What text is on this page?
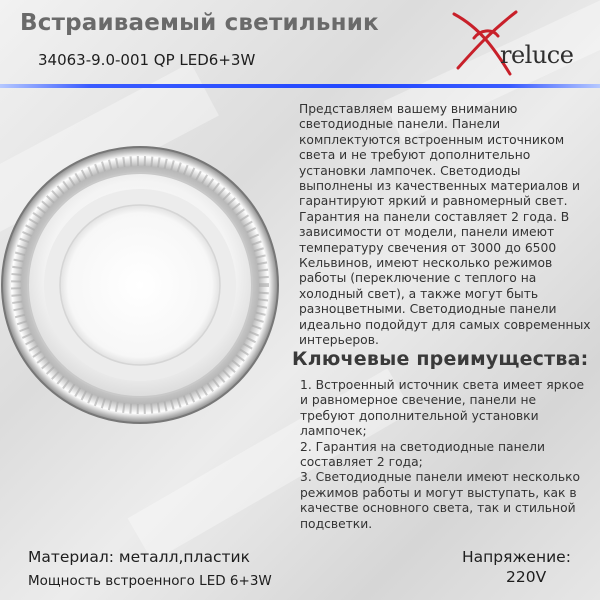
Встраиваемый светильник
34063-9.0-001 QP LED6+3W	reluce

Представляем вашему вниманию светодиодные панели. Панели комплектуются встроенным источником света и не требуют дополнительно установки лампочек. Светодиоды выполнены из качественных материалов и гарантируют яркий и равномерный свет. Гарантия на панели составляет 2 года. В зависимости от модели, панели имеют температуру свечения от 3000 до 6500 Кельвинов, имеют несколько режимов работы (переключение с теплого на холодный свет), а также могут быть разноцветными. Светодиодные панели идеально подойдут для самых современных интерьеров.

Ключевые преимущества:
1. Встроенный источник света имеет яркое и равномерное свечение, панели не требуют дополнительной установки лампочек;
2. Гарантия на светодиодные панели составляет 2 года;
3. Светодиодные панели имеют несколько режимов работы и могут выступать, как в качестве основного света, так и стильной подсветки.
Материал: металл,пластик
Мощность встроенного LED 6+3W
Напряжение:
220V
